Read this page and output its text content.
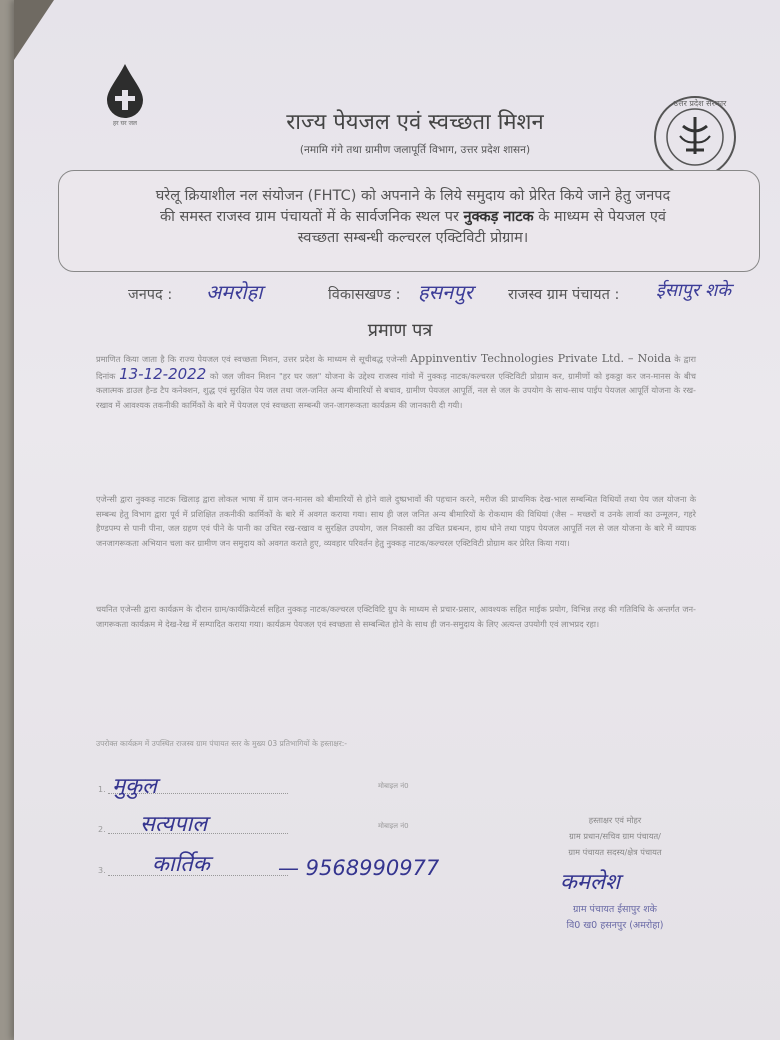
हर घर जल
उत्तर प्रदेश सरकार
राज्य पेयजल एवं स्वच्छता मिशन
(नमामि गंगे तथा ग्रामीण जलापूर्ति विभाग, उत्तर प्रदेश शासन)
घरेलू क्रियाशील नल संयोजन (FHTC) को अपनाने के लिये समुदाय को प्रेरित किये जाने हेतु जनपद
की समस्त राजस्व ग्राम पंचायतों में के सार्वजनिक स्थल पर नुक्कड़ नाटक के माध्यम से पेयजल एवं
स्वच्छता सम्बन्धी कल्चरल एक्टिविटी प्रोग्राम।
जनपद : अमरोहा	विकासखण्ड : हसनपुर राजस्व ग्राम पंचायत : ईसापुर शके
प्रमाण पत्र
प्रमाणित किया जाता है कि राज्य पेयजल एवं स्वच्छता मिशन, उत्तर प्रदेश के माध्यम से सूचीबद्ध एजेन्सी Appinventiv Technologies Private Ltd. – Noida के द्वारा दिनांक 13-12-2022 को जल जीवन मिशन "हर घर जल" योजना के उद्देश्य राजस्व गांवो में नुक्कड़ नाटक/कल्चरल एक्टिविटी प्रोग्राम कर, ग्रामीणों को इकठ्ठा कर जन-मानस के बीच कलात्मक डाउल हैन्ड टैप कनेक्शन, शुद्ध एवं सुरक्षित पेय जल तथा जल-जनित अन्य बीमारियों से बचाव, ग्रामीण पेयजल आपूर्ति, नल से जल के उपयोग के साथ-साथ पाईप पेयजल आपूर्ति योजना के रख-रखाव में आवश्यक तकनीकी कार्मिकों के बारे में पेयजल एवं स्वच्छता सम्बन्धी जन-जागरूकता कार्यक्रम की जानकारी दी गयी।
एजेन्सी द्वारा नुक्कड़ नाटक खिलाड़ द्वारा लोकल भाषा में ग्राम जन-मानस को बीमारियों से होने वाले दुष्प्रभावों की पहचान करने, मरीज की प्राथमिक देख-भाल सम्बन्धित विधियों तथा पेय जल योजना के सम्बन्ध हेतु विभाग द्वारा पूर्व में प्रशिक्षित तकनीकी कार्मिकों के बारे में अवगत कराया गया। साथ ही जल जनित अन्य बीमारियों के रोकथाम की विधियां (जैस – मच्छरों व उनके लार्वा का उन्मूलन, गहरे हैण्डपम्प से पानी पीना, जल ग्रहण एवं पीने के पानी का उचित रख-रखाव व सुरक्षित उपयोग, जल निकासी का उचित प्रबन्धन, हाथ धोने तथा पाइप पेयजल आपूर्ति नल से जल योजना के बारे में व्यापक जनजागरूकता अभियान चला कर ग्रामीण जन समुदाय को अवगत कराते हुए, व्यवहार परिवर्तन हेतु नुक्कड़ नाटक/कल्चरल एक्टिविटी प्रोग्राम कर प्रेरित किया गया।
चयनित एजेन्सी द्वारा कार्यक्रम के दौरान ग्राम/कार्यक्रियेटर्स सहित नुक्कड़ नाटक/कल्चरल एक्टिविटि ग्रुप के माध्यम से प्रचार-प्रसार, आवश्यक सहित माईक प्रयोग, विभिन्न तरह की गतिविधि के अन्तर्गत जन-जागरूकता कार्यक्रम मे देख-रेख में सम्पादित कराया गया। कार्यक्रम पेयजल एवं स्वच्छता से सम्बन्धित होने के साथ ही जन-समुदाय के लिए अत्यन्त उपयोगी एवं लाभप्रद रहा।
उपरोक्त कार्यक्रम में उपस्थित राजस्व ग्राम पंचायत स्तर के मुख्य 03 प्रतिभागियों के हस्ताक्षर:-
1. मुकुल	मोबाइल नं0
2. सत्यपाल	मोबाइल नं0
3. कार्तिक	— 9568990977
हस्ताक्षर एवं मोहर
ग्राम प्रधान/सचिव ग्राम पंचायत/
ग्राम पंचायत सदस्य/क्षेत्र पंचायत
कमलेश
ग्राम पंचायत ईसापुर शके
वि0 ख0 हसनपुर (अमरोहा)
